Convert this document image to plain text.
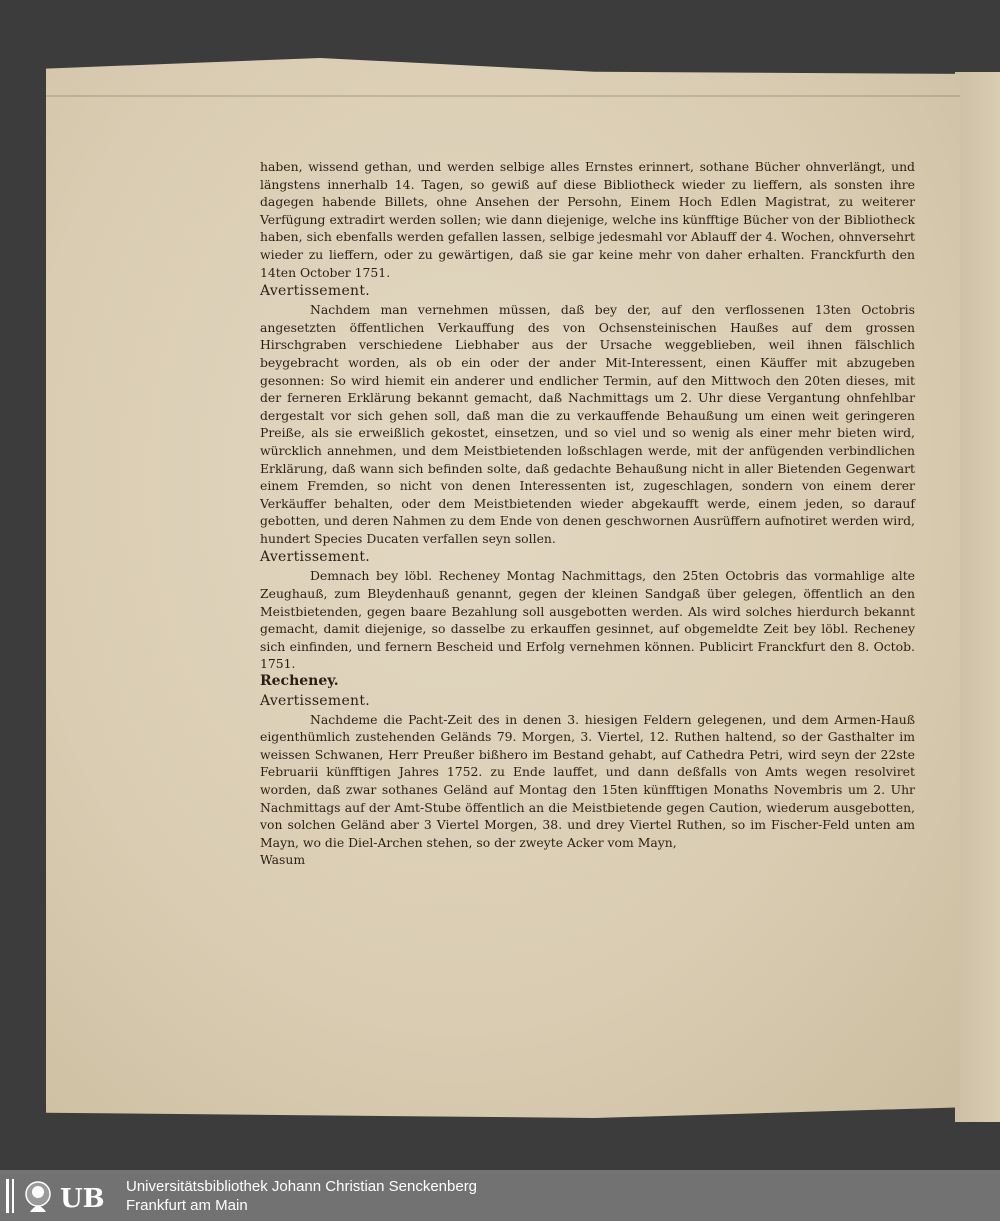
haben, wissend gethan, und werden selbige alles Ernstes erinnert, sothane Bücher ohnverlängt, und längstens innerhalb 14. Tagen, so gewiß auf diese Bibliotheck wieder zu lieffern, als sonsten ihre dagegen habende Billets, ohne Ansehen der Persohn, Einem Hoch Edlen Magistrat, zu weiterer Verfügung extradirt werden sollen; wie dann diejenige, welche ins künfftige Bücher von der Bibliotheck haben, sich ebenfalls werden gefallen lassen, selbige jedesmahl vor Ablauff der 4. Wochen, ohnversehrt wieder zu lieffern, oder zu gewärtigen, daß sie gar keine mehr von daher erhalten. Franckfurth den 14ten October 1751.

Avertissement.

Nachdem man vernehmen müssen, daß bey der, auf den verflossenen 13ten Octobris angesetzten öffentlichen Verkauffung des von Ochsensteinischen Haußes auf dem grossen Hirschgraben verschiedene Liebhaber aus der Ursache weggeblieben, weil ihnen fälschlich beygebracht worden, als ob ein oder der ander Mit-Interessent, einen Käuffer mit abzugeben gesonnen: So wird hiemit ein anderer und endlicher Termin, auf den Mittwoch den 20ten dieses, mit der ferneren Erklärung bekannt gemacht, daß Nachmittags um 2. Uhr diese Vergantung ohnfehlbar dergestalt vor sich gehen soll, daß man die zu verkauffende Behaußung um einen weit geringeren Preiße, als sie erweißlich gekostet, einsetzen, und so viel und so wenig als einer mehr bieten wird, würcklich annehmen, und dem Meistbietenden loßschlagen werde, mit der anfügenden verbindlichen Erklärung, daß wann sich befinden solte, daß gedachte Behaußung nicht in aller Bietenden Gegenwart einem Fremden, so nicht von denen Interessenten ist, zugeschlagen, sondern von einem derer Verkäuffer behalten, oder dem Meistbietenden wieder abgekaufft werde, einem jeden, so darauf gebotten, und deren Nahmen zu dem Ende von denen geschwornen Ausrüffern aufnotiret werden wird, hundert Species Ducaten verfallen seyn sollen.

Avertissement.

Demnach bey löbl. Recheney Montag Nachmittags, den 25ten Octobris das vormahlige alte Zeughauß, zum Bleydenhauß genannt, gegen der kleinen Sandgaß über gelegen, öffentlich an den Meistbietenden, gegen baare Bezahlung soll ausgebotten werden. Als wird solches hierdurch bekannt gemacht, damit diejenige, so dasselbe zu erkauffen gesinnet, auf obgemeldte Zeit bey löbl. Recheney sich einfinden, und fernern Bescheid und Erfolg vernehmen können. Publicirt Franckfurt den 8. Octob. 1751.

Recheney.

Avertissement.

Nachdeme die Pacht-Zeit des in denen 3. hiesigen Feldern gelegenen, und dem Armen-Hauß eigenthümlich zustehenden Geländs 79. Morgen, 3. Viertel, 12. Ruthen haltend, so der Gasthalter im weissen Schwanen, Herr Preußer bißhero im Bestand gehabt, auf Cathedra Petri, wird seyn der 22ste Februarii künfftigen Jahres 1752. zu Ende lauffet, und dann deßfalls von Amts wegen resolviret worden, daß zwar sothanes Geländ auf Montag den 15ten künfftigen Monaths Novembris um 2. Uhr Nachmittags auf der Amt-Stube öffentlich an die Meistbietende gegen Caution, wiederum ausgebotten, von solchen Geländ aber 3 Viertel Morgen, 38. und drey Viertel Ruthen, so im Fischer-Feld unten am Mayn, wo die Diel-Archen stehen, so der zweyte Acker vom Mayn,

Wasum

UB Universitätsbibliothek Johann Christian Senckenberg
Frankfurt am Main
